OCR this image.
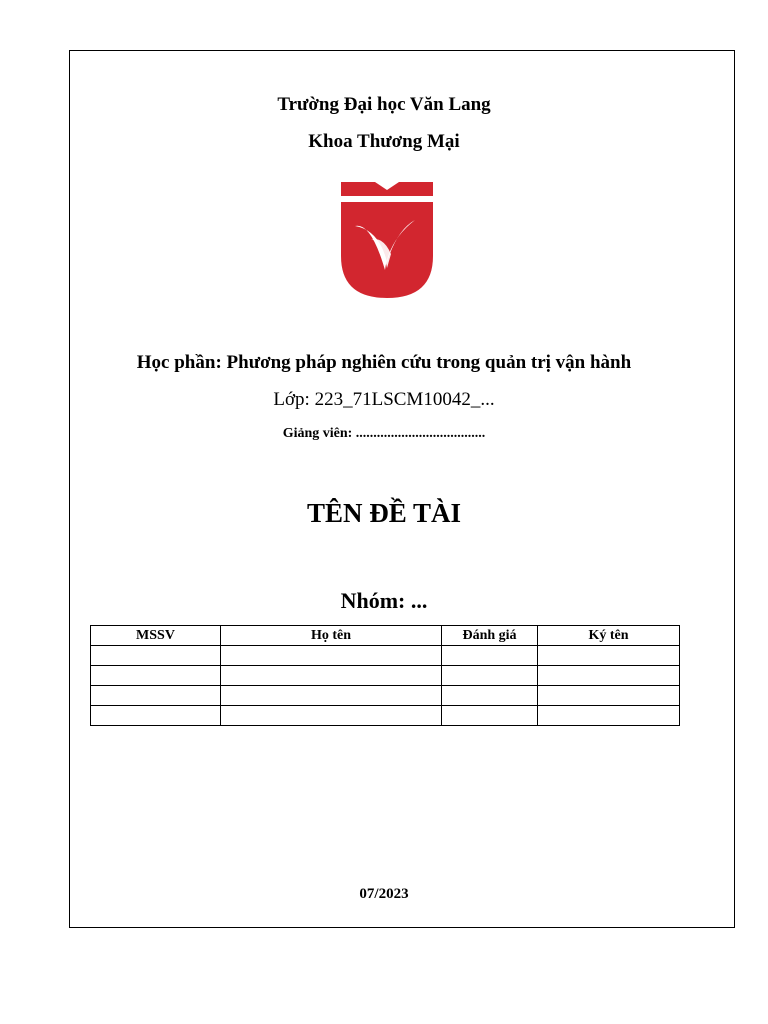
Trường Đại học Văn Lang
Khoa Thương Mại
Học phần: Phương pháp nghiên cứu trong quản trị vận hành
Lớp: 223_71LSCM10042_...
Giảng viên: .....................................
TÊN ĐỀ TÀI
Nhóm: ...
MSSV	Họ tên	Đánh giá	Ký tên

07/2023
